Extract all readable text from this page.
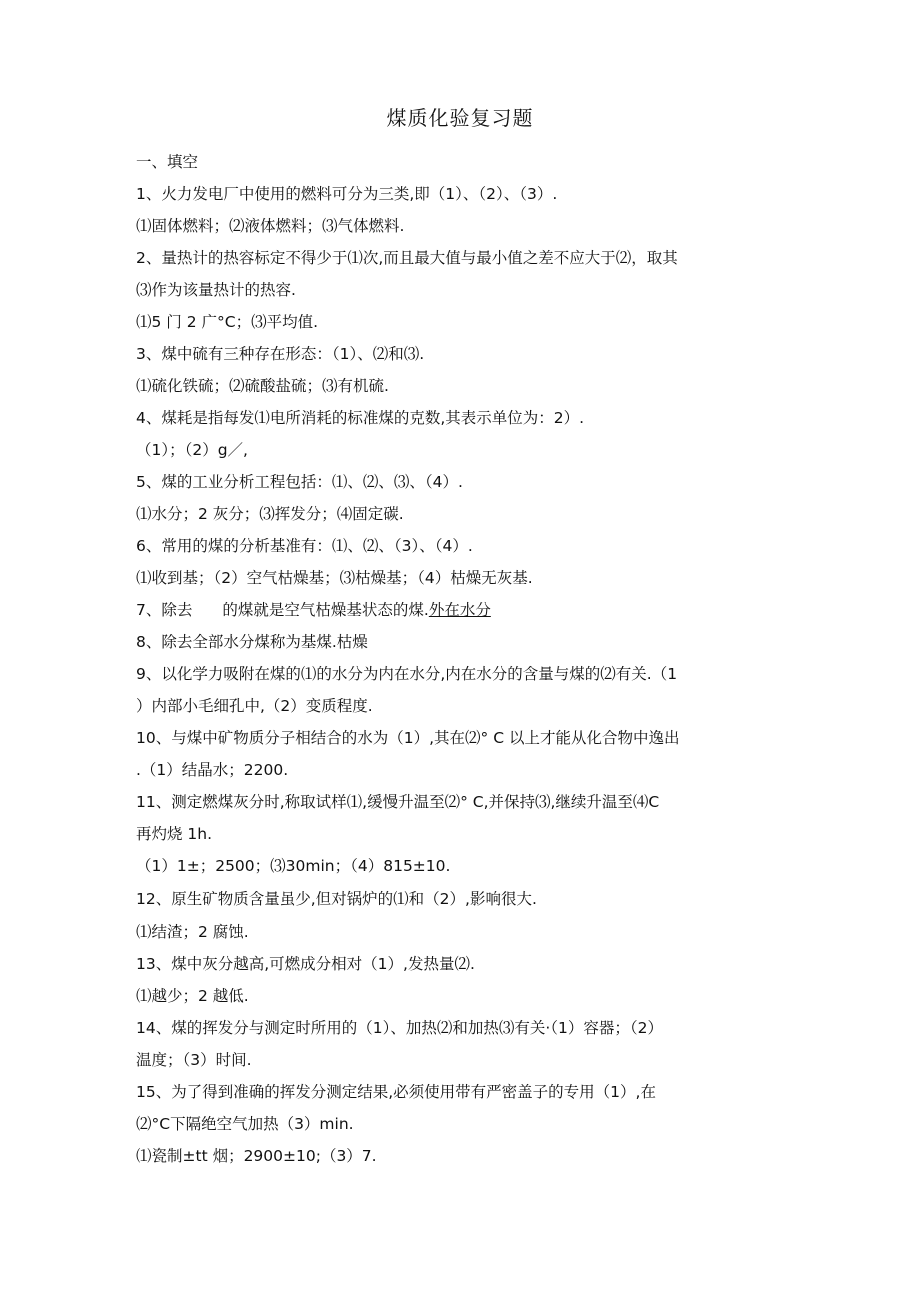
煤质化验复习题
一、填空
1、火力发电厂中使用的燃料可分为三类,即（1）、（2）、（3）.
⑴固体燃料；⑵液体燃料；⑶气体燃料.
2、量热计的热容标定不得少于⑴次,而且最大值与最小值之差不应大于⑵，取其
⑶作为该量热计的热容.
⑴5 门 2 广°C；⑶平均值.
3、煤中硫有三种存在形态：（1）、⑵和⑶.
⑴硫化铁硫；⑵硫酸盐硫；⑶有机硫.
4、煤耗是指每发⑴电所消耗的标准煤的克数,其表示单位为：2）.
（1）；（2）g／,
5、煤的工业分析工程包括：⑴、⑵、⑶、（4）.
⑴水分；2 灰分；⑶挥发分；⑷固定碳.
6、常用的煤的分析基准有：⑴、⑵、（3）、（4）.
⑴收到基；（2）空气枯燥基；⑶枯燥基；（4）枯燥无灰基.
7、除去 的煤就是空气枯燥基状态的煤.外在水分
8、除去全部水分煤称为基煤.枯燥
9、以化学力吸附在煤的⑴的水分为内在水分,内在水分的含量与煤的⑵有关.（1
）内部小毛细孔中,（2）变质程度.
10、与煤中矿物质分子相结合的水为（1）,其在⑵° C 以上才能从化合物中逸出
.（1）结晶水；2200.
11、测定燃煤灰分时,称取试样⑴,缓慢升温至⑵° C,并保持⑶,继续升温至⑷C
再灼烧 1h.
（1）1±；2500；⑶30min；（4）815±10.
12、原生矿物质含量虽少,但对锅炉的⑴和（2）,影响很大.
⑴结渣；2 腐蚀.
13、煤中灰分越高,可燃成分相对（1）,发热量⑵.
⑴越少；2 越低.
14、煤的挥发分与测定时所用的（1）、加热⑵和加热⑶有关·（1）容器；（2）
温度；（3）时间.
15、为了得到准确的挥发分测定结果,必须使用带有严密盖子的专用（1）,在
⑵°C下隔绝空气加热（3）min.
⑴瓷制±tt 烟；2900±10;（3）7.
